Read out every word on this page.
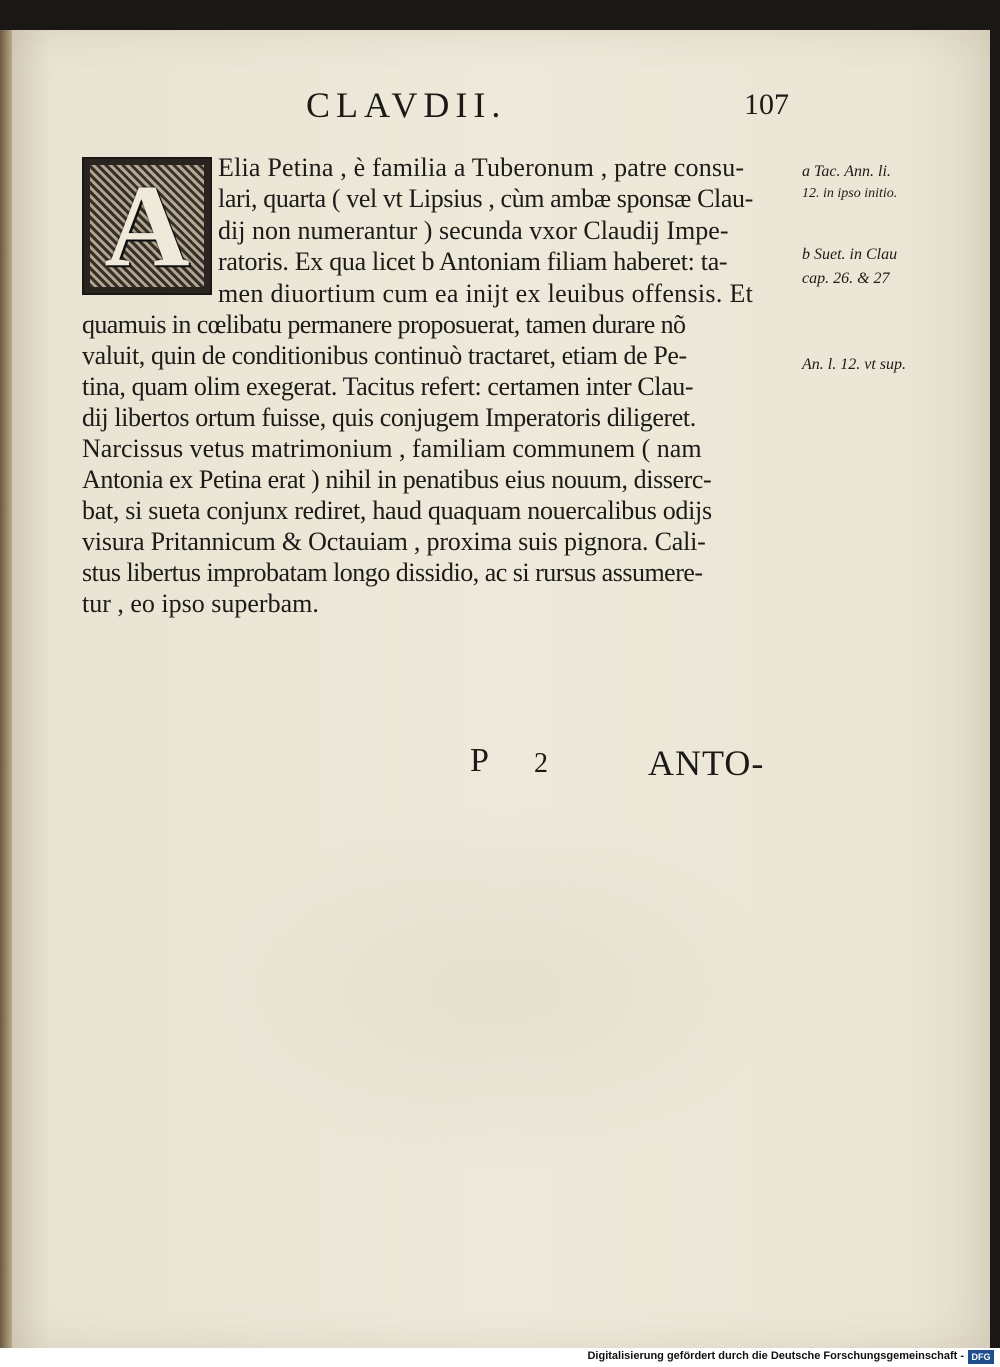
CLAVDII.	107
A	Elia Petina , è familia a Tuberonum , patre consu-
lari, quarta ( vel vt Lipsius , cùm ambæ sponsæ Clau-
dij non numerantur ) secunda vxor Claudij Impe-
ratoris. Ex qua licet b Antoniam filiam haberet: ta-
men diuortium cum ea inijt ex leuibus offensis. Et
quamuis in cœlibatu permanere proposuerat, tamen durare nõ
valuit, quin de conditionibus continuò tractaret, etiam de Pe-
tina, quam olim exegerat. Tacitus refert: certamen inter Clau-
dij libertos ortum fuisse, quis conjugem Imperatoris diligeret.
Narcissus vetus matrimonium , familiam communem ( nam
Antonia ex Petina erat ) nihil in penatibus eius nouum, disserc-
bat, si sueta conjunx rediret, haud quaquam nouercalibus odijs
visura Pritannicum & Octauiam , proxima suis pignora. Cali-
stus libertus improbatam longo dissidio, ac si rursus assumere-
tur , eo ipso superbam.
a Tac. Ann. li.
12. in ipso initio.
b Suet. in Clau
cap. 26. & 27
An. l. 12. vt sup.
P 2	ANTO-
Digitalisierung gefördert durch die Deutsche Forschungsgemeinschaft - DFG
